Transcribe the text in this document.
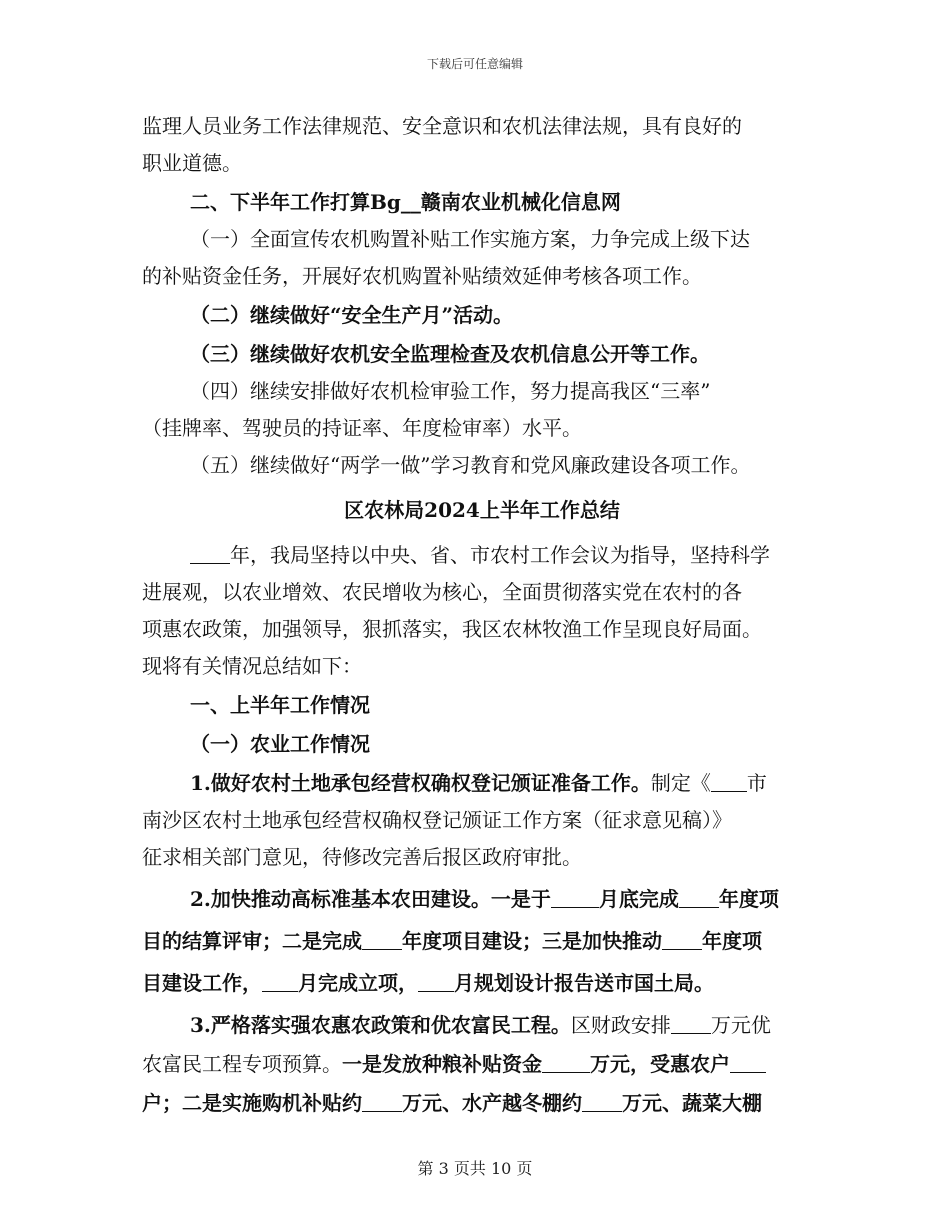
下载后可任意编辑

监理人员业务工作法律规范、安全意识和农机法律法规，具有良好的

职业道德。

二、下半年工作打算Bg__赣南农业机械化信息网

（一）全面宣传农机购置补贴工作实施方案，力争完成上级下达

的补贴资金任务，开展好农机购置补贴绩效延伸考核各项工作。

（二）继续做好“安全生产月”活动。

（三）继续做好农机安全监理检查及农机信息公开等工作。

（四）继续安排做好农机检审验工作，努力提高我区“三率”

（挂牌率、驾驶员的持证率、年度检审率）水平。

（五）继续做好“两学一做”学习教育和党风廉政建设各项工作。

区农林局2024上半年工作总结

年，我局坚持以中央、省、市农村工作会议为指导，坚持科学

进展观，以农业增效、农民增收为核心，全面贯彻落实党在农村的各

项惠农政策，加强领导，狠抓落实，我区农林牧渔工作呈现良好局面。

现将有关情况总结如下：

一、上半年工作情况

（一）农业工作情况

1.做好农村土地承包经营权确权登记颁证准备工作。制定《 市

南沙区农村土地承包经营权确权登记颁证工作方案（征求意见稿）》

征求相关部门意见，待修改完善后报区政府审批。

2.加快推动高标准基本农田建设。一是于 月底完成 年度项

目的结算评审；二是完成 年度项目建设；三是加快推动 年度项

目建设工作， 月完成立项， 月规划设计报告送市国土局。

3.严格落实强农惠农政策和优农富民工程。区财政安排 万元优

农富民工程专项预算。一是发放种粮补贴资金 万元，受惠农户

户；二是实施购机补贴约 万元、水产越冬棚约 万元、蔬菜大棚

第 3 页共 10 页
